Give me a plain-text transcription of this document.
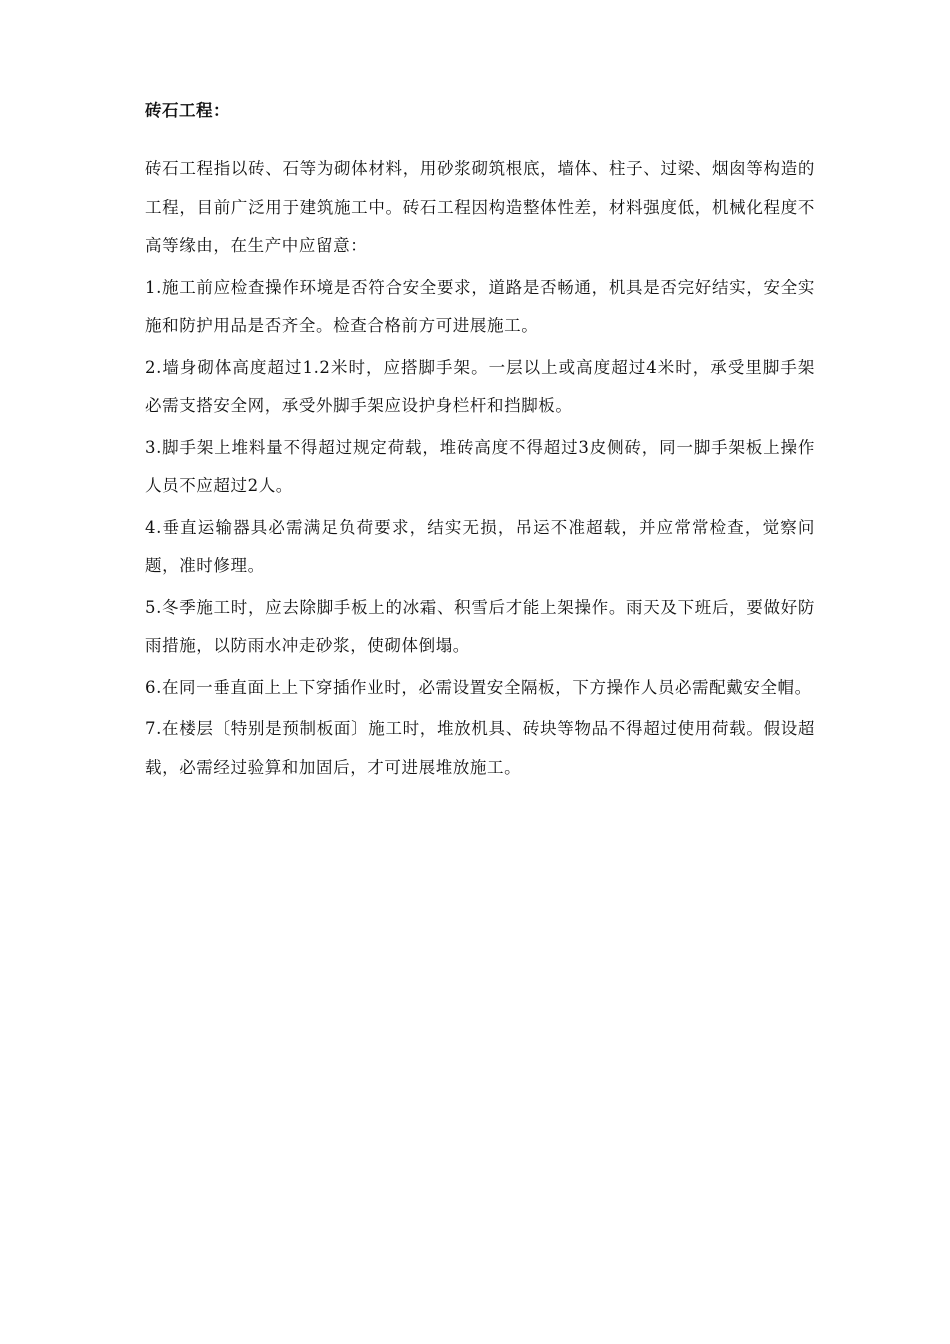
砖石工程：

砖石工程指以砖、石等为砌体材料，用砂浆砌筑根底，墙体、柱子、过梁、烟囱等构造的工程，目前广泛用于建筑施工中。砖石工程因构造整体性差，材料强度低，机械化程度不高等缘由，在生产中应留意：

1.施工前应检查操作环境是否符合安全要求，道路是否畅通，机具是否完好结实，安全实施和防护用品是否齐全。检查合格前方可进展施工。

2.墙身砌体高度超过1.2米时，应搭脚手架。一层以上或高度超过4米时，承受里脚手架必需支搭安全网，承受外脚手架应设护身栏杆和挡脚板。

3.脚手架上堆料量不得超过规定荷载，堆砖高度不得超过3皮侧砖，同一脚手架板上操作人员不应超过2人。

4.垂直运输器具必需满足负荷要求，结实无损，吊运不准超载，并应常常检查，觉察问题，准时修理。

5.冬季施工时，应去除脚手板上的冰霜、积雪后才能上架操作。雨天及下班后，要做好防雨措施，以防雨水冲走砂浆，使砌体倒塌。

6.在同一垂直面上上下穿插作业时，必需设置安全隔板，下方操作人员必需配戴安全帽。

7.在楼层〔特别是预制板面〕施工时，堆放机具、砖块等物品不得超过使用荷载。假设超载，必需经过验算和加固后，才可进展堆放施工。
